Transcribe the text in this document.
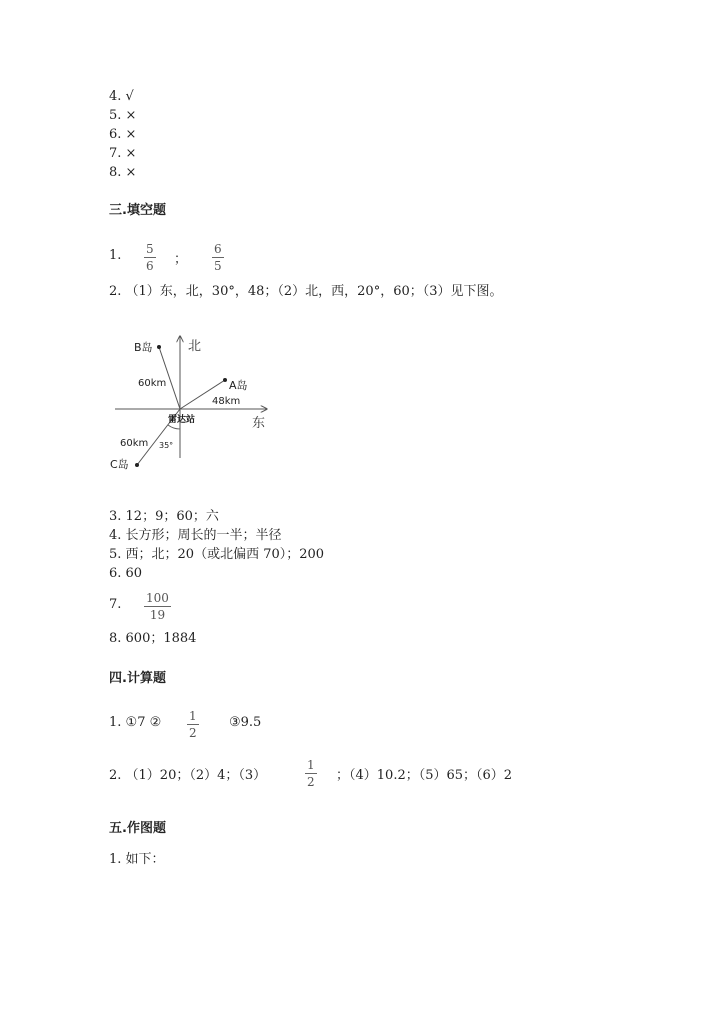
4. √
5. ×
6. ×
7. ×
8. ×
三.填空题
1. 5
6 ；
6
5
2. （1）东，北，30°，48；（2）北，西，20°，60；（3）见下图。
北
东
B岛
A岛
C岛
60km
48km
60km
雷达站
35°
3. 12；9；60；六
4. 长方形；周长的一半；半径
5. 西；北；20（或北偏西 70）；200
6. 60
7. 100
19
8. 600；1884
四.计算题
1. ①7 ② 1
2
③9.5
2. （1）20；（2）4；（3）
1
2 ；（4）10.2；（5）65；（6）2
五.作图题
1. 如下：
